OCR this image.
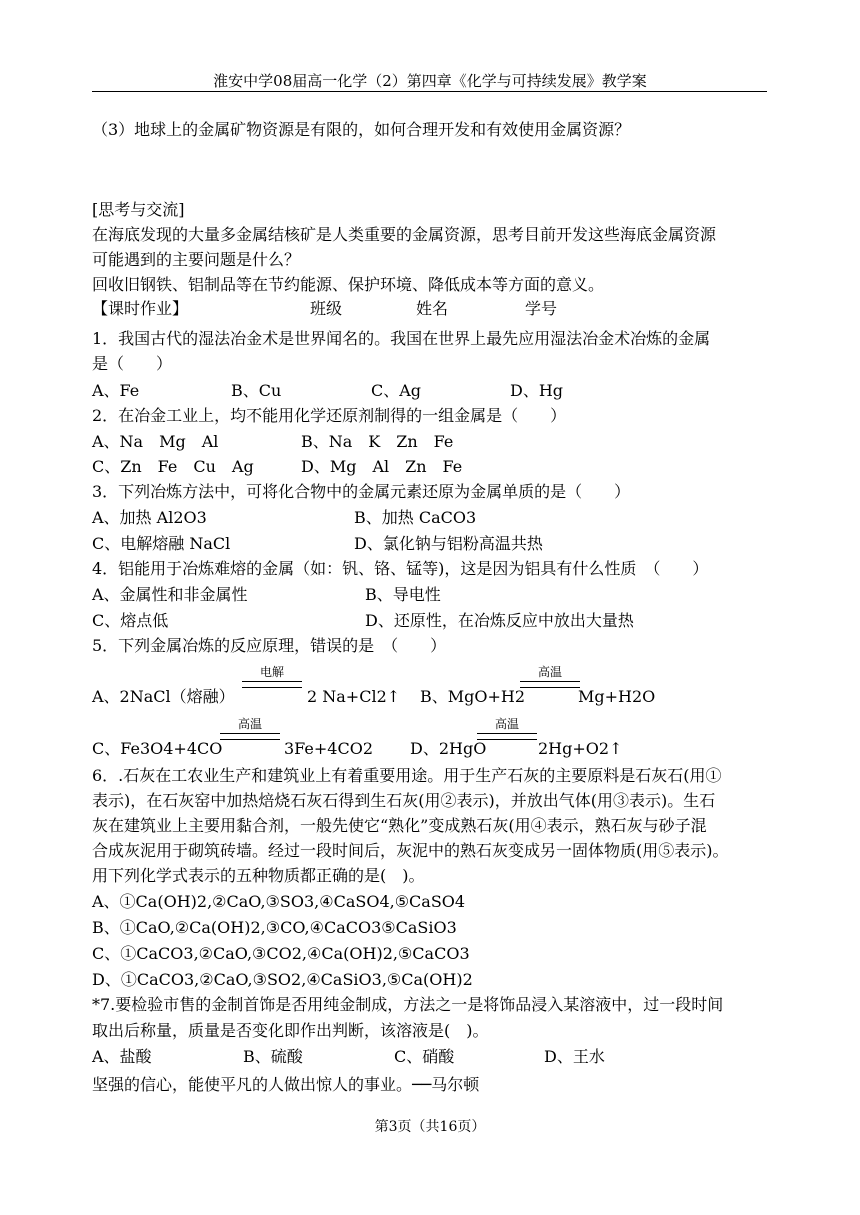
淮安中学08届高一化学（2）第四章《化学与可持续发展》教学案
（3）地球上的金属矿物资源是有限的，如何合理开发和有效使用金属资源？
[思考与交流]
在海底发现的大量多金属结核矿是人类重要的金属资源，思考目前开发这些海底金属资源
可能遇到的主要问题是什么？
回收旧钢铁、铝制品等在节约能源、保护环境、降低成本等方面的意义。
【课时作业】	班级	姓名	学号
1．我国古代的湿法冶金术是世界闻名的。我国在世界上最先应用湿法冶金术冶炼的金属
是（　　）
A、Fe	B、Cu	C、Ag	D、Hg
2．在冶金工业上，均不能用化学还原剂制得的一组金属是（　　）
A、Na　Mg　Al	B、Na　K　Zn　Fe
C、Zn　Fe　Cu　Ag	D、Mg　Al　Zn　Fe
3．下列冶炼方法中，可将化合物中的金属元素还原为金属单质的是（　　）
A、加热 Al2O3	B、加热 CaCO3
C、电解熔融 NaCl	D、氯化钠与铝粉高温共热
4．铝能用于冶炼难熔的金属（如：钒、铬、锰等)，这是因为铝具有什么性质　（　　）
A、金属性和非金属性	B、导电性
C、熔点低	D、还原性，在冶炼反应中放出大量热
5．下列金属冶炼的反应原理，错误的是　（　　）
A、2NaCl（熔融）
电解
2 Na+Cl2↑ B、MgO+H2
高温
Mg+H2O
C、Fe3O4+4CO
高温
3Fe+4CO2 D、2HgO
高温
2Hg+O2↑
6．.石灰在工农业生产和建筑业上有着重要用途。用于生产石灰的主要原料是石灰石(用①
表示)，在石灰窑中加热焙烧石灰石得到生石灰(用②表示)，并放出气体(用③表示)。生石
灰在建筑业上主要用黏合剂，一般先使它“熟化”变成熟石灰(用④表示，熟石灰与砂子混
合成灰泥用于砌筑砖墙。经过一段时间后，灰泥中的熟石灰变成另一固体物质(用⑤表示)。
用下列化学式表示的五种物质都正确的是(　)。
A、①Ca(OH)2,②CaO,③SO3,④CaSO4,⑤CaSO4
B、①CaO,②Ca(OH)2,③CO,④CaCO3⑤CaSiO3
C、①CaCO3,②CaO,③CO2,④Ca(OH)2,⑤CaCO3
D、①CaCO3,②CaO,③SO2,④CaSiO3,⑤Ca(OH)2
*7.要检验市售的金制首饰是否用纯金制成，方法之一是将饰品浸入某溶液中，过一段时间
取出后称量，质量是否变化即作出判断，该溶液是(　)。
A、盐酸	B、硫酸	C、硝酸	D、王水
坚强的信心，能使平凡的人做出惊人的事业。──马尔顿
第3页（共16页）
